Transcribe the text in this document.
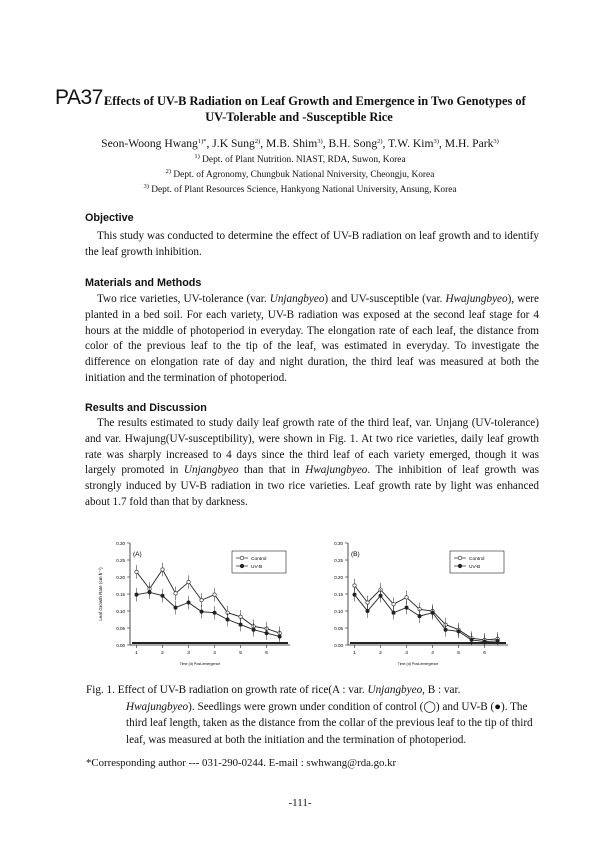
PA37.
Effects of UV-B Radiation on Leaf Growth and Emergence in Two Genotypes of
UV-Tolerable and -Susceptible Rice
Seon-Woong Hwang$^{1)*}$, J.K Sung$^{2)}$, M.B. Shim$^{3)}$, B.H. Song$^{2)}$, T.W. Kim$^{3)}$, M.H. Park$^{3)}$
$^{1)}$ Dept. of Plant Nutrition. NIAST, RDA, Suwon, Korea
$^{2)}$ Dept. of Agronomy, Chungbuk National Nniversity, Cheongju, Korea
$^{3)}$ Dept. of Plant Resources Science, Hankyong National University, Ansung, Korea
Objective
This study was conducted to determine the effect of UV-B radiation on leaf growth and to identify the leaf growth inhibition.
Materials and Methods
Two rice varieties, UV-tolerance (var. Unjangbyeo) and UV-susceptible (var. Hwajungbyeo), were planted in a bed soil. For each variety, UV-B radiation was exposed at the second leaf stage for 4 hours at the middle of photoperiod in everyday. The elongation rate of each leaf, the distance from color of the previous leaf to the tip of the leaf, was estimated in everyday. To investigate the difference on elongation rate of day and night duration, the third leaf was measured at both the initiation and the termination of photoperiod.
Results and Discussion
The results estimated to study daily leaf growth rate of the third leaf, var. Unjang (UV-tolerance) and var. Hwajung(UV-susceptibility), were shown in Fig. 1. At two rice varieties, daily leaf growth rate was sharply increased to 4 days since the third leaf of each variety emerged, though it was largely promoted in Unjangbyeo than that in Hwajungbyeo. The inhibition of leaf growth was strongly induced by UV-B radiation in two rice varieties. Leaf growth rate by light was enhanced about 1.7 fold than that by darkness.
0.00
0.05
0.10
0.15
0.20
0.25
0.30
1	2	3	4	5	6
Leaf Growth Rate (cm h⁻¹)
Time (d) Post-emergence
(A)
Control
UV-B
0.00
0.05
0.10
0.15
0.20
0.25
0.30
1	2	3	4	5	6
Time (d) Post-emergence
(B)
Control
UV-B
Fig. 1. Effect of UV-B radiation on growth rate of rice(A : var. Unjangbyeo, B : var.
Hwajungbyeo). Seedlings were grown under condition of control (◯) and UV-B (●). The third leaf length, taken as the distance from the collar of the previous leaf to the tip of third leaf, was measured at both the initiation and the termination of photoperiod.
*Corresponding author --- 031-290-0244. E-mail : swhwang@rda.go.kr
-111-
